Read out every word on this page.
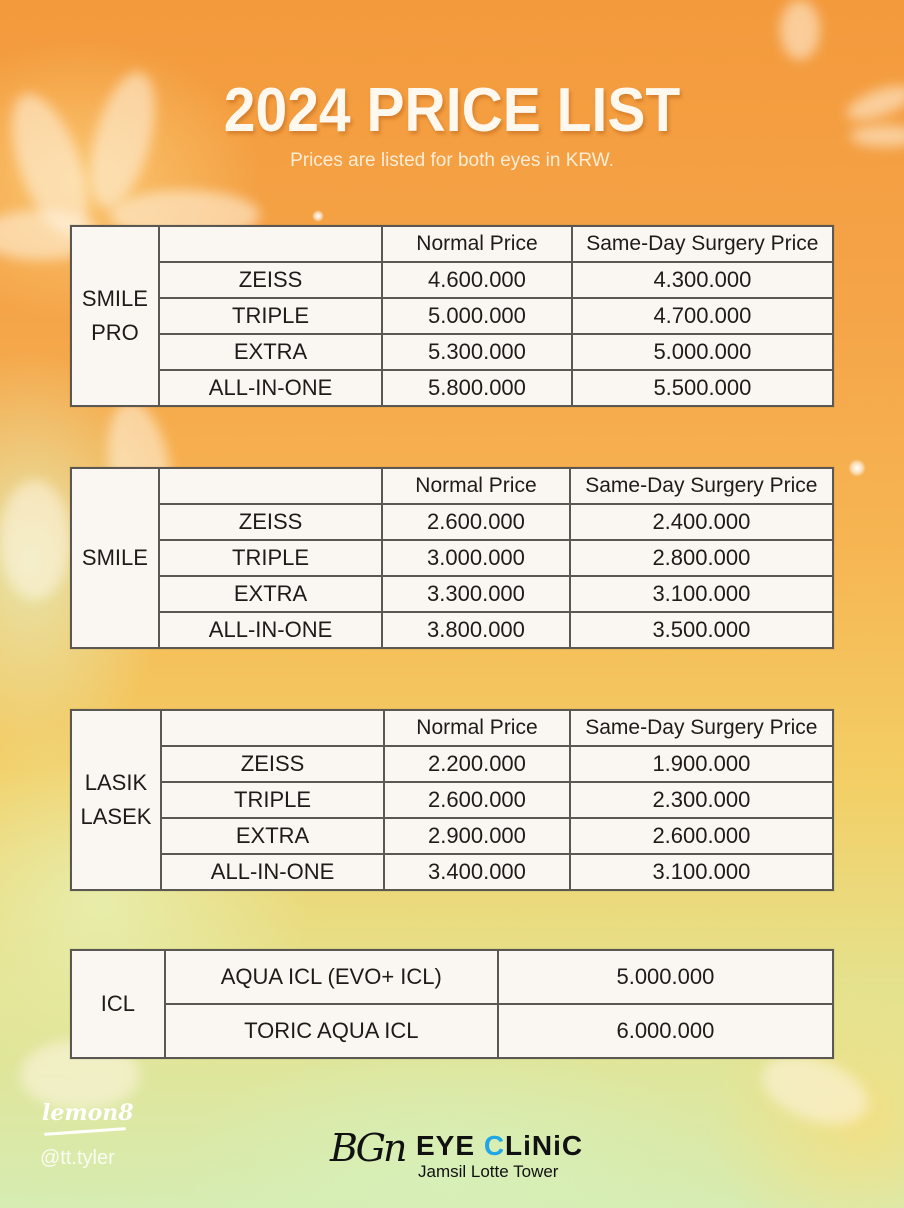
2024 PRICE LIST
Prices are listed for both eyes in KRW.
SMILE
PRO		Normal Price	Same-Day Surgery Price
	ZEISS	4.600.000	4.300.000
	TRIPLE	5.000.000	4.700.000
	EXTRA	5.300.000	5.000.000
	ALL-IN-ONE	5.800.000	5.500.000
SMILE		Normal Price	Same-Day Surgery Price
	ZEISS	2.600.000	2.400.000
	TRIPLE	3.000.000	2.800.000
	EXTRA	3.300.000	3.100.000
	ALL-IN-ONE	3.800.000	3.500.000
LASIK
LASEK		Normal Price	Same-Day Surgery Price
	ZEISS	2.200.000	1.900.000
	TRIPLE	2.600.000	2.300.000
	EXTRA	2.900.000	2.600.000
	ALL-IN-ONE	3.400.000	3.100.000
ICL	AQUA ICL (EVO+ ICL)	5.000.000
	TORIC AQUA ICL	6.000.000
lemon8
@tt.tyler	BGn EYE CLiNiC
Jamsil Lotte Tower
